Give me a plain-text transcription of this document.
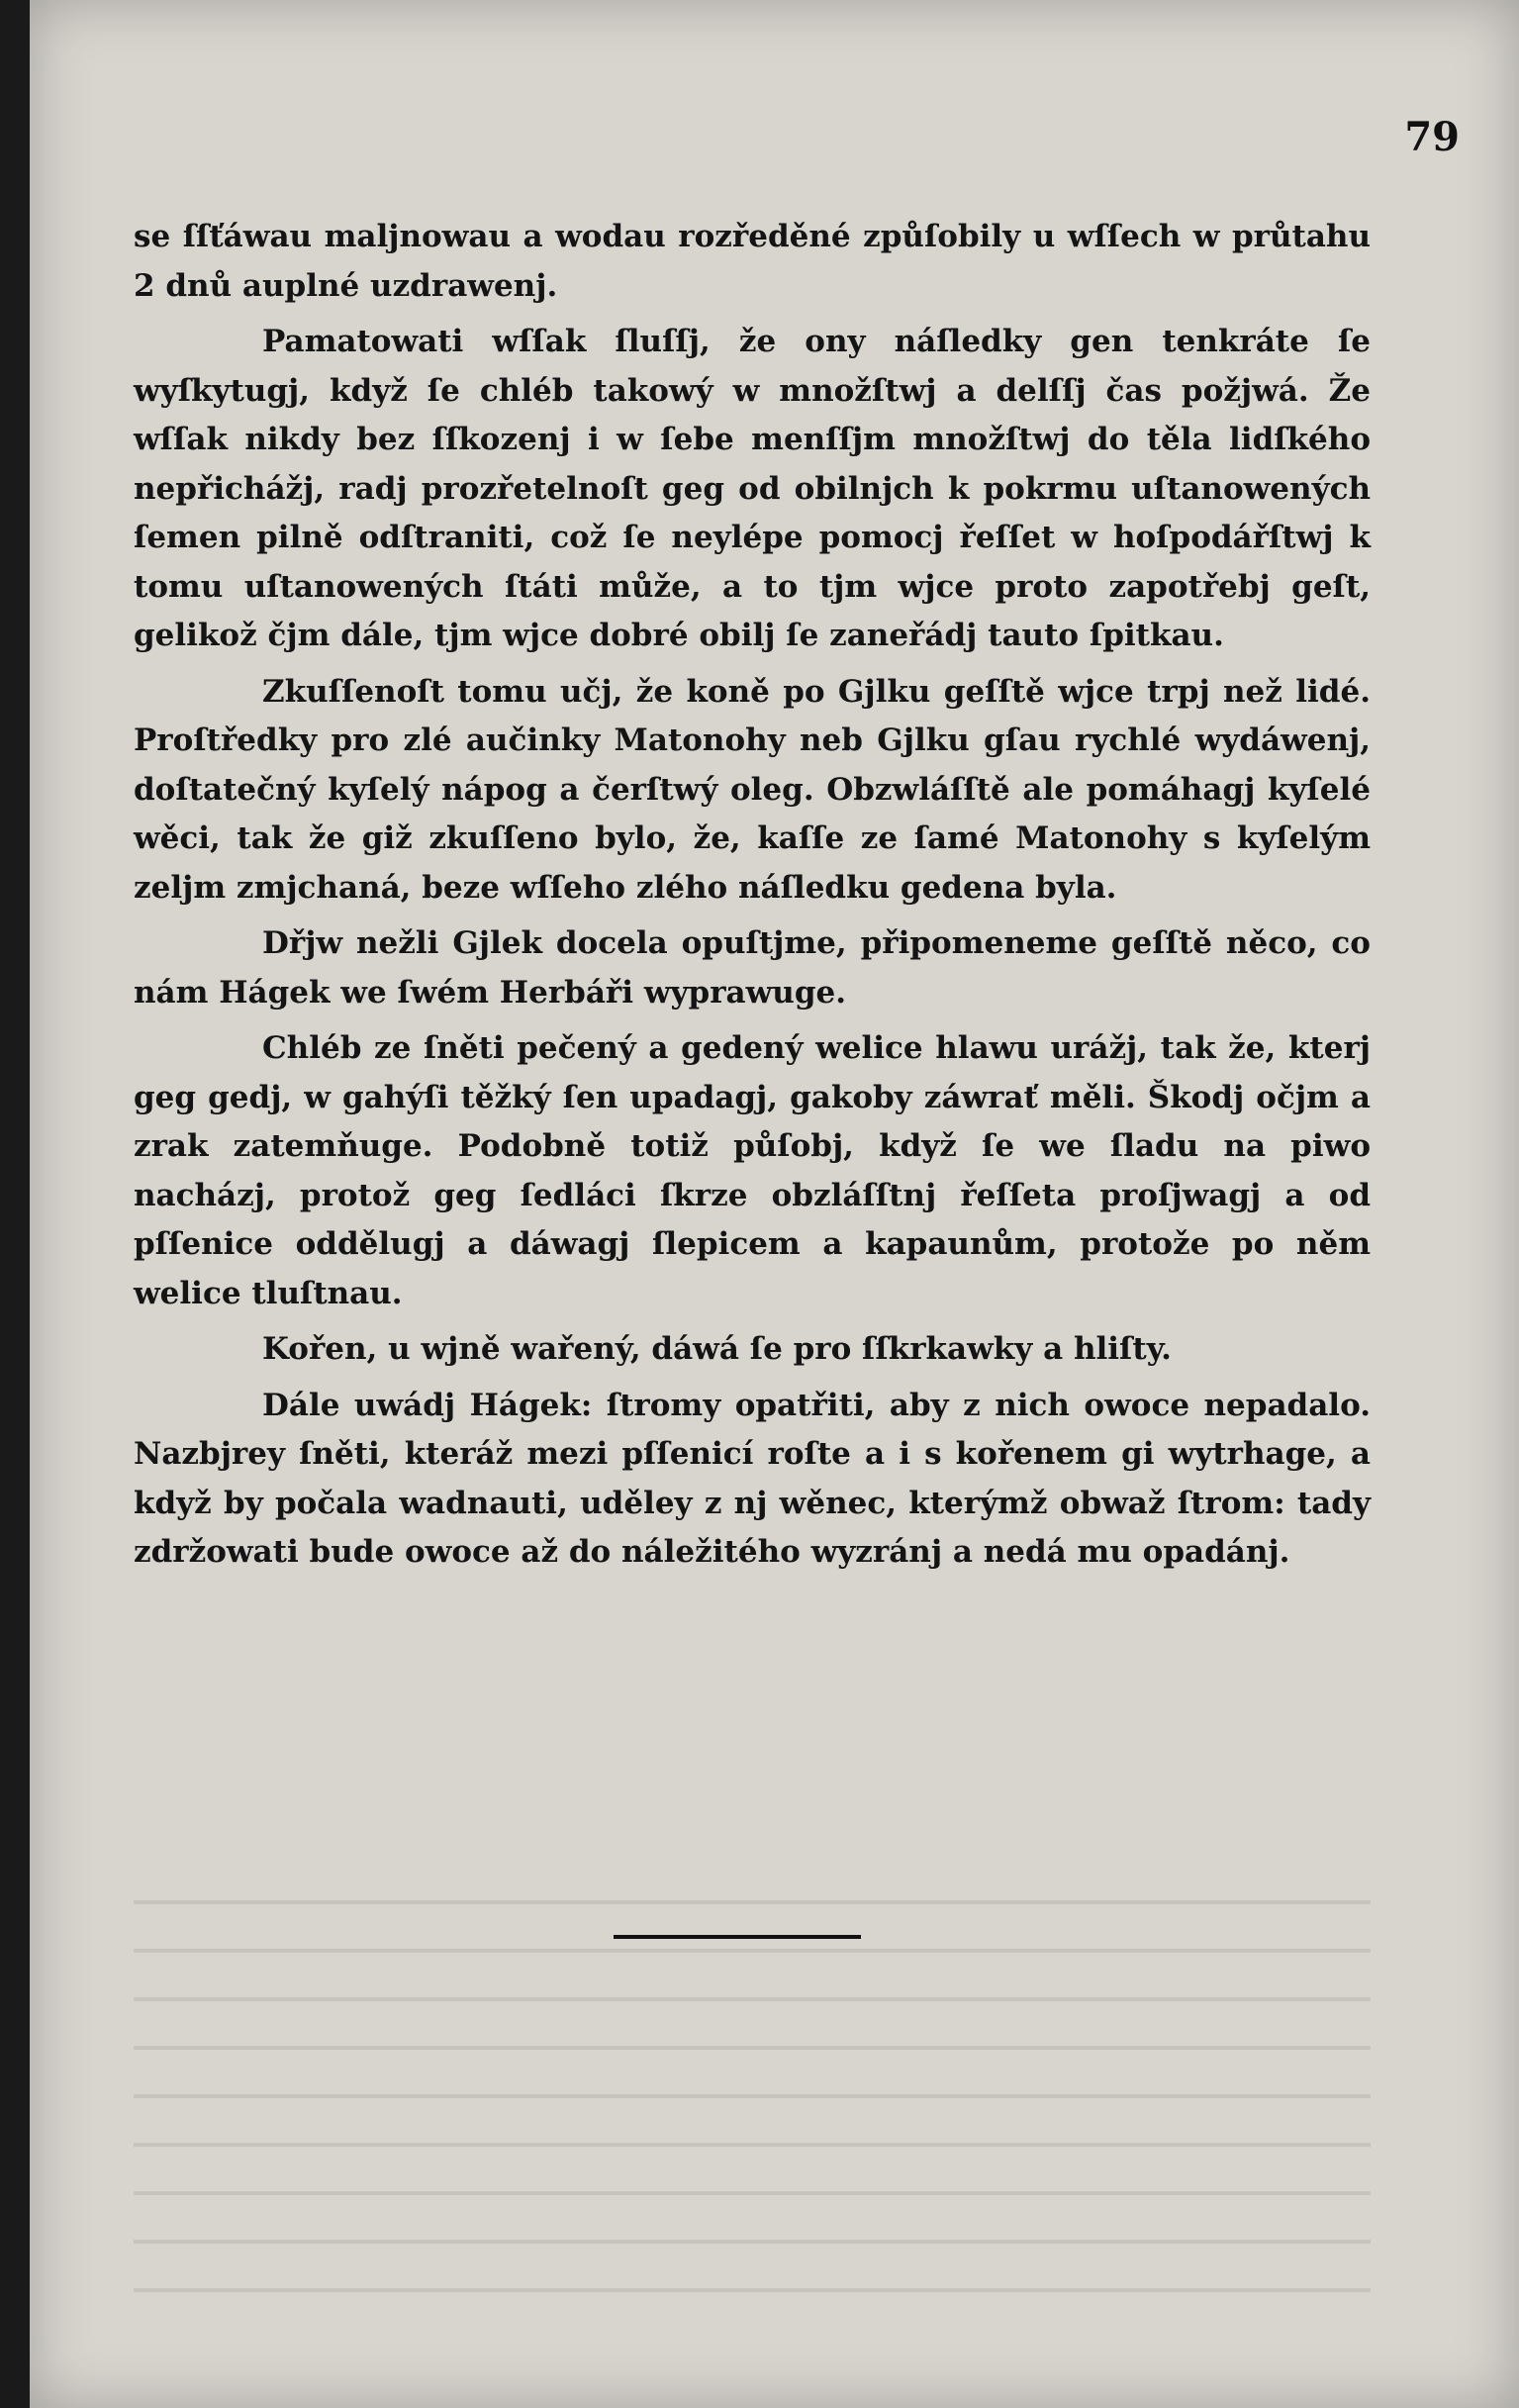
79

se ſſťáwau maljnowau a wodau rozředěné způſobily u wſſech w průtahu 2 dnů auplné uzdrawenj.

Pamatowati wſſak ſluſſj, že ony náſledky gen tenkráte ſe wyſkytugj, když ſe chléb takowý w množſtwj a delſſj čas požjwá. Že wſſak nikdy bez ſſkozenj i w ſebe menſſjm množſtwj do těla lidſkého nepřichážj, radj prozřetelnoſt geg od obilnjch k pokrmu uſtanowených ſemen pilně odſtraniti, což ſe neylépe pomocj řeſſet w hoſpodářſtwj k tomu uſtanowených ſtáti může, a to tjm wjce proto zapotřebj geſt, gelikož čjm dále, tjm wjce dobré obilj ſe zaneřádj tauto ſpitkau.

Zkuſſenoſt tomu učj, že koně po Gjlku geſſtě wjce trpj než lidé. Proſtředky pro zlé aučinky Matonohy neb Gjlku gſau rychlé wydáwenj, doſtatečný kyſelý nápog a čerſtwý oleg. Obzwláſſtě ale pomáhagj kyſelé wěci, tak že giž zkuſſeno bylo, že, kaſſe ze ſamé Matonohy s kyſelým zeljm zmjchaná, beze wſſeho zlého náſledku gedena byla.

Dřjw nežli Gjlek docela opuſtjme, připomeneme geſſtě něco, co nám Hágek we ſwém Herbáři wyprawuge.

Chléb ze ſněti pečený a gedený welice hlawu urážj, tak že, kterj geg gedj, w gahýſi těžký ſen upadagj, gakoby záwrať měli. Škodj očjm a zrak zatemňuge. Podobně totiž půſobj, když ſe we ſladu na piwo nacházj, protož geg ſedláci ſkrze obzláſſtnj řeſſeta proſjwagj a od pſſenice oddělugj a dáwagj ſlepicem a kapaunům, protože po něm welice tluſtnau.

Kořen, u wjně wařený, dáwá ſe pro ſſkrkawky a hliſty.

Dále uwádj Hágek: ſtromy opatřiti, aby z nich owoce nepadalo. Nazbjrey ſněti, kteráž mezi pſſenicí roſte a i s kořenem gi wytrhage, a když by počala wadnauti, uděley z nj wěnec, kterýmž obwaž ſtrom: tady zdržowati bude owoce až do náležitého wyzránj a nedá mu opadánj.
